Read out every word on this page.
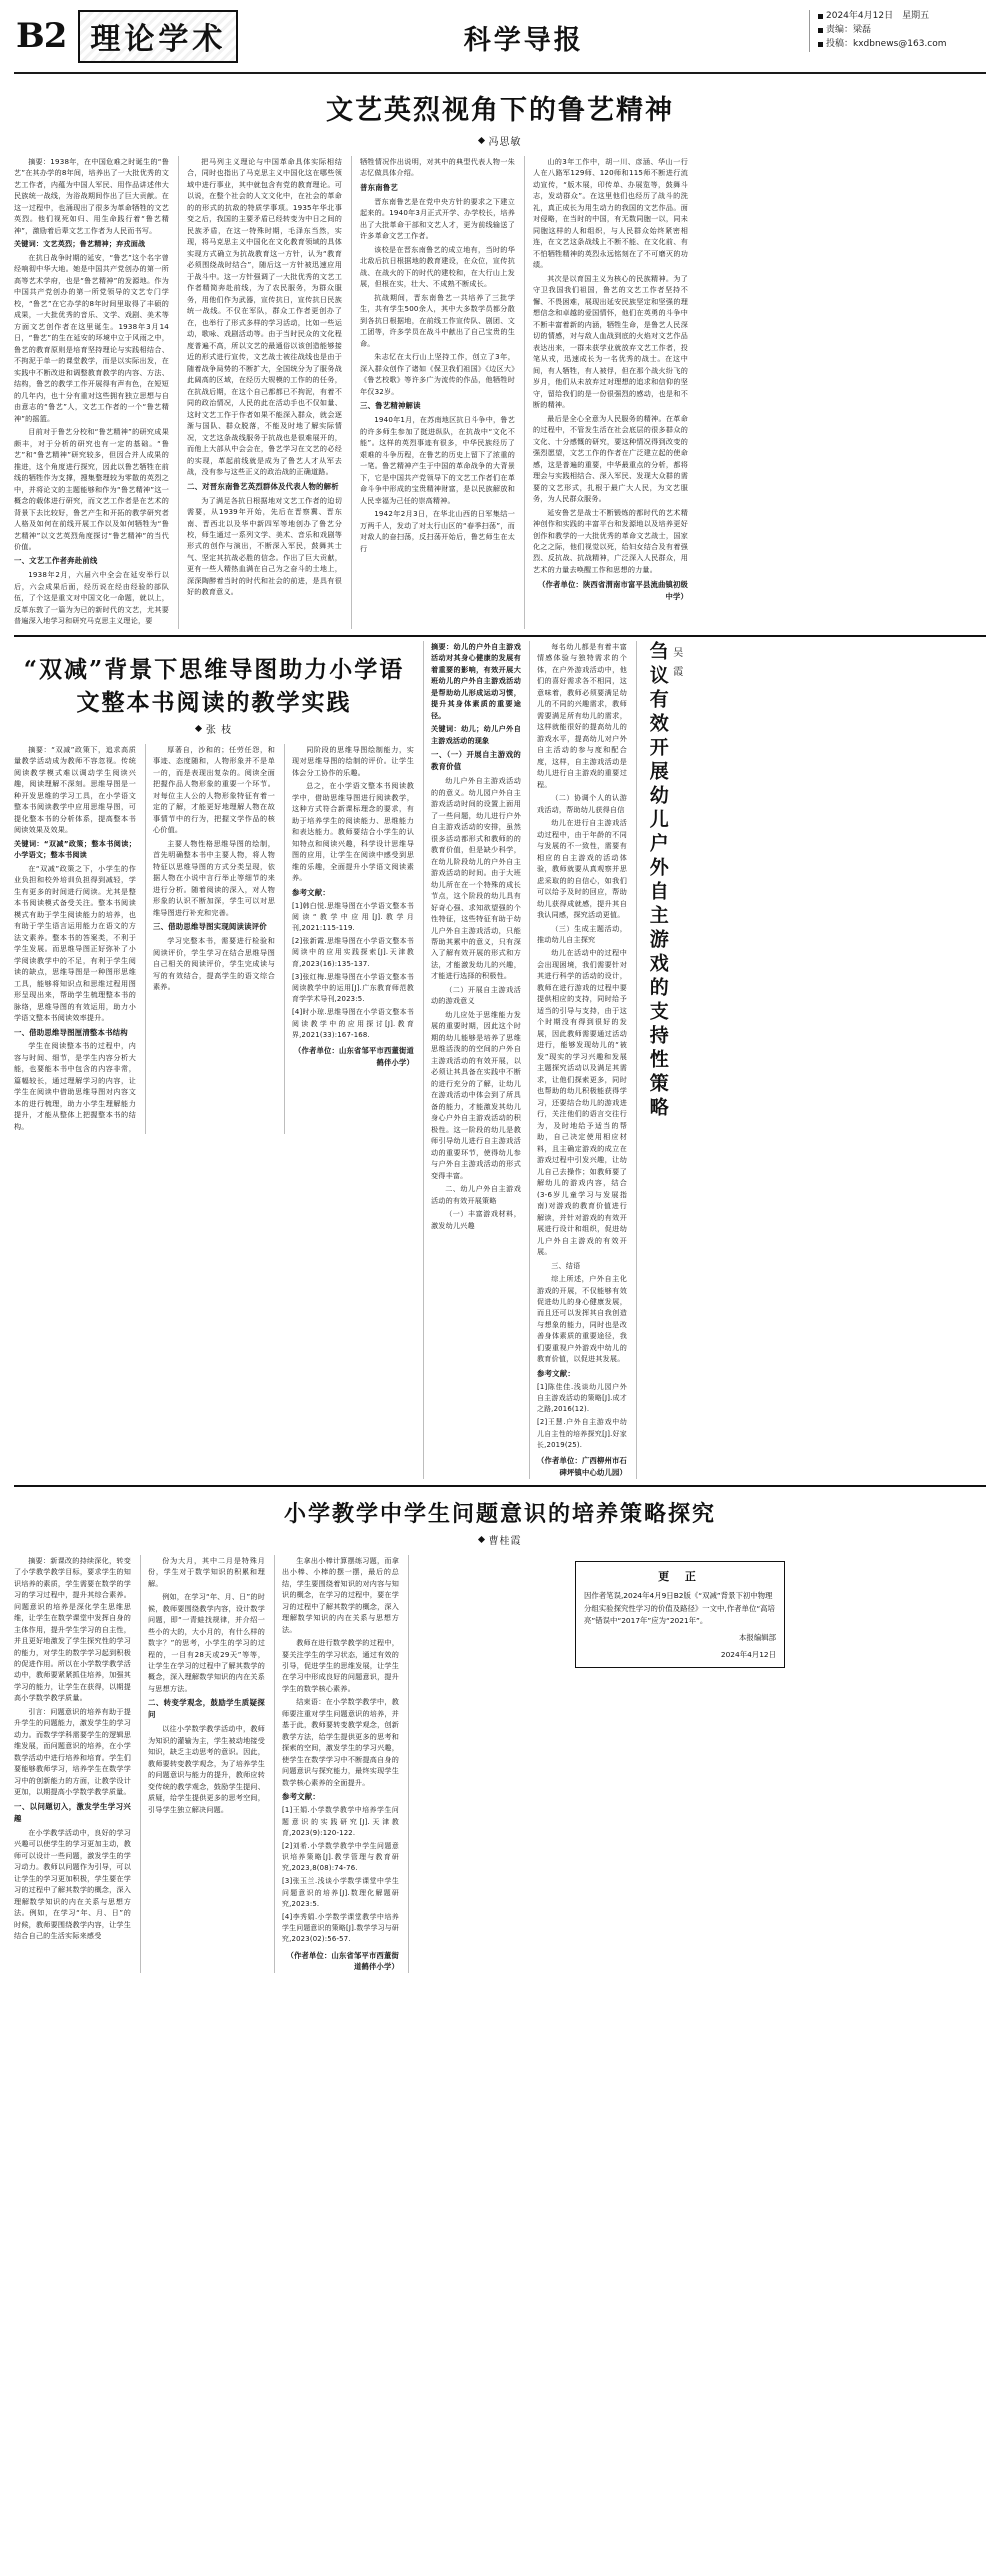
B2 理论学术	科学导报
2024年4月12日　星期五
责编：梁磊
投稿：kxdbnews@163.com
文艺英烈视角下的鲁艺精神
冯思敏

摘要：1938年，在中国危难之时诞生的“鲁艺”在其办学的8年间，培养出了一大批优秀的文艺工作者，内蕴为中国人军民、用作品讲述伟大民族统一战线，为浴战期间作出了巨大贡献。在这一过程中，也涌现出了很多为革命牺牲的文艺英烈。他们视死如归、用生命践行着“鲁艺精神”，激励着后辈文艺工作者为人民而书写。

关键词：文艺英烈；鲁艺精神；弃戎面战

在抗日战争时期的延安，“鲁艺”这个名字曾经响彻中华大地。她是中国共产党创办的第一所高等艺术学府，也是“鲁艺精神”的发源地。作为中国共产党创办的第一所党领导的文艺专门学校，“鲁艺”在它办学的8年时间里取得了丰硕的成果，一大批优秀的音乐、文学、戏剧、美术等方面文艺创作者在这里诞生。1938年3月14日，“鲁艺”的生在延安的环境中立于风雨之中，鲁艺的教育原则是培育坚持理论与实践相结合、不拘泥于单一的课堂教学，而是以实际出发，在实践中不断改进和调整教育教学的内容、方法、结构，鲁艺的教学工作开展得有声有色，在短短的几年内，也十分有重对这些拥有独立思想与自由意志的“鲁艺”人，文艺工作者的一个“鲁艺精神”的摇篮。

目前对于鲁艺分校和“鲁艺精神”的研究成果颇丰，对于分析的研究也有一定的基础。“鲁艺”和“鲁艺精神”研究较多，但因合并人成果的推进，这个角度进行探究，因此以鲁艺牺牲在前线的牺牲作为支撑，搜集整理较为零散的英烈之中，并将论文的主题能够和作为“鲁艺精神”这一概念的载体进行研究，而文艺工作者是在艺术的背景下去比较好，鲁艺产生和开拓的教学研究者人格及如何在前线开展工作以及如何牺牲为“鲁艺精神”以文艺英烈角度探讨“鲁艺精神”的当代价值。

一、文艺工作者奔赴前线

1938年2月，六届六中全会在延安举行以后，六会成果后面，经历说在经由经验的部队伍，了个这是重文对中国文化一命题，就以上，反革东敦了一篇为为已的新时代的文艺，尤其要普遍深入地学习和研究马克思主义理论，要

把马列主义理论与中国革命具体实际相结合，同时也指出了马克思主义中国化这在哪些领域中进行事业，其中就包含有党的教育理论。可以说，在整个社会的人文文化中，在社会的革命的的形式的抗敌的特质学事项。1935年华北事变之后，我国的主要矛盾已经转变为中日之间的民族矛盾，在这一特殊时期，毛泽东当然，实现，将马克思主义中国化在文化教育领域的具体实现方式确立为抗战教育这一方针，认为“教育必须围绕战时结合”，随后这一方针被迅速应用于战斗中。这一方针强调了一大批优秀的文艺工作者精简奔赴前线，为了农民服务，为群众服务，用他们作为武器，宣传抗日，宣传抗日民族统一战线。不仅在军队，群众工作者更创办了在，也举行了形式多样的学习活动，比如一些运动，歌咏、戏剧活动等。由于当时民众的文化程度普遍不高，所以文艺的最通俗以该创造能够接近的形式进行宣传，文艺战士被往战线也是由于随着战争局势的不断扩大，全国统分为了服务战此阔高的区域，在经历大规模的工作的的任务，在抗战后期，在这个自己都都已不拘泥，有着不同的政治情况，人民的此在活动手也不仅如量、这时文艺工作于作者如果不能深入群众，就会逐渐与国队、群众脱落，不能及时地了解实际情况，文艺这条战线服务于抗战也是很难展开的，而他上大部从中会会在，鲁艺学习在文艺的必经的实现，革起前线就是成为了鲁艺人才从军去战，没有参与这些正义的政治战的正确道路。

二、对晋东南鲁艺英烈群体及代表人物的解析

为了满足各抗日根据地对文艺工作者的迫切需要，从1939年开始，先后在晋察冀、晋东南、晋西北以及华中新四军等地创办了鲁艺分校，师生通过一系列文学、美术、音乐和戏剧等形式的创作与演出，不断深入军民，鼓舞其士气、坚定其抗战必胜的信念。作出了巨大贡献，更有一些人精热血满在自己为之奋斗的土地上，深深陶醉着当时的时代和社会的前进，是具有很好的教育意义。

牺牲情况作出说明，对其中的典型代表人物一朱志忆做具体介绍。

普东南鲁艺

晋东南鲁艺是在党中央方针的要求之下建立起来的。1940年3月正式开学、办学校长，培养出了大批革命干部和文艺人才，更为前线输送了许多革命文艺工作者。

该校是在晋东南鲁艺的成立地有，当时的华北敌后抗日根据地的教育建设，在众位，宣传抗战、在战火的下的时代的建校和，在大行山上发展，但根在实，壮大、不成熟不断成长。

抗战期间，晋东南鲁艺一共培养了三批学生，共有学生500余人，其中大多数学员都分散到各抗日根据地，在前线工作宣传队、剧团、文工团等，许多学员在战斗中献出了自己宝贵的生命。

朱志忆在太行山上坚持工作，创立了3年，深入群众创作了诸如《保卫我们祖国》《边区大》《鲁艺校歌》等许多广为流传的作品，他牺牲时年仅32岁。

三、鲁艺精神解读

1940年1月，在苏南地区抗日斗争中，鲁艺的许多师生参加了挺进纵队，在抗战中“文化不能”。这样的英烈事迹有很多，中华民族经历了艰难的斗争历程，在鲁艺的历史上留下了浓重的一笔。鲁艺精神产生于中国的革命战争的大背景下，它是中国共产党领导下的文艺工作者们在革命斗争中形成的宝贵精神财富，是以民族解放和人民幸福为己任的崇高精神。

1942年2月3日，在华北山西的日军集结一万两千人，发动了对太行山区的“春季扫荡”，而对敌人的奋扫荡，反扫荡开始后，鲁艺师生在太行

山的3年工作中，胡一川、彦涵、华山一行人在八路军129师、120师和115师不断进行流动宣传，“版木展，印传单、办展览等，鼓舞斗志，发动群众”。在这里他们也经历了战斗的洗礼，真正成长为用生动力的我国的文艺作品。面对侵略，在当时的中国，有无数同胞一以，同未同胞这样的人和组织，与人民群众始终紧密相连，在文艺这条战线上不断不能、在文化前、有不怕牺牲精神的英烈永远铭刻在了不可磨灭的功绩。

其次是以育国主义为核心的民族精神。为了守卫我国我们祖国，鲁艺的文艺工作者坚持不懈、不畏困难，展现出延安民族坚定和坚强的理想信念和卓越的爱国情怀，他们在英勇的斗争中不断丰富着新的内涵，牺牲生命，是鲁艺人民深切的情感，对与敌人血战到底的火焰对文艺作品表达出来，一群未获学业就放弃文艺工作者，投笔从戎，迅速成长为一名优秀的战士。在这中间，有人牺牲，有人被俘，但在那个战火纷飞的岁月，他们从未放弃过对理想的追求和信仰的坚守，留给我们的是一份很强烈的感动，也是和不断的精神。

最后是全心全意为人民服务的精神。在革命的过程中，不管发生活在社会底层的很多群众的文化、十分感慨的研究，要这种情况得到改变的强烈愿望，文艺工作的作者在广泛建立起的使命感，这是普遍的重要，中华最重点的分析，都将理会与实践相结合、深入军民、发现大众群的需要的文艺形式，扎根于最广大人民，为文艺服务，为人民群众服务。

延安鲁艺是战士不断锻炼的都时代的艺术精神创作和实践的丰富平台和发源地以及培养更好创作和教学的一大批优秀的革命文艺战士，国家化之之际，他们视觉以死，给妇女结合及有着强烈、反抗战、抗战精神，广泛深入人民群众，用艺术的力量去唤醒工作和思想的力量。

（作者单位：陕西省渭南市富平县流曲镇初级中学）
“双减”背景下思维导图助力小学语文整本书阅读的教学实践
张 枝

摘要：“双减”政策下，追求高质量教学活动成为教师不容忽视。传统阅读教学模式难以调动学生阅读兴趣，阅读理解不深刻。思维导图是一种开发思维的学习工具，在小学语文整本书阅读教学中应用思维导图，可提化整本书的分析体系，提高整本书阅读效果及效果。

关键词：“双减”政策；整本书阅读；小学语文；整本书阅读

在“双减”政策之下，小学生的作业负担和校外培训负担得到减轻，学生有更多的时间进行阅读。尤其是整本书阅读模式备受关注。整本书阅读模式有助于学生阅读能力的培养，也有助于学生语言运用能力在语文的方法文素养。整本书的答案类，不利于学生发展。而思维导图正好弥补了小学阅读教学中的不足，有利于学生阅读的缺点，思维导图是一种图形思维工具，能够将知识点和思维过程用图形呈现出来，帮助学生梳理整本书的脉络，思维导图的有效运用，助力小学语文整本书阅读效率提升。

一、借助思维导图厘清整本书结构

学生在阅读整本书的过程中，内容与时间、细节，是学生内容分析大能，也要能本书中包含的内容非常，篇幅较长，通过理解学习的内容，让学生在阅读中借助思维导图对内容文本的进行梳理，助力小学生理解能力提升，才能从整体上把握整本书的结构。

厚著自，沙和的；任劳任怨，和事迹、态度随和，人物形象并不是单一的，而是表现出复杂的。阅读全面把握作品人物形象的重要一个环节。对每位主人公的人物形象特征有着一定的了解，才能更好地理解人物在故事情节中的行为，把握文学作品的核心价值。

主要人物性格思维导图的绘制，首先明确整本书中主要人物，将人物特征以思维导图的方式分类呈现，依据人物在小说中言行举止等细节的来进行分析。随着阅读的深入，对人物形象的认识不断加深，学生可以对思维导图进行补充和完善。

三、借助思维导图实现阅读读评价

学习完整本书，需要进行检验和阅读评价，学生学习在结合思维导图自己相关的阅读评价，学生完成读与写的有效结合，提高学生的语文综合素养。

同阶段的思维导图绘制能力，实现对思维导图的绘制的评价。让学生体会分工协作的乐趣。

总之，在小学语文整本书阅读教学中，借助思维导图进行阅读教学，这种方式符合新课标理念的要求，有助于培养学生的阅读能力、思维能力和表达能力。教师要结合小学生的认知特点和阅读兴趣，科学设计思维导图的应用，让学生在阅读中感受到思维的乐趣，全面提升小学语文阅读素养。

参考文献：

[1]韩白悦.思维导图在小学语文整本书阅读“教学中应用[J].教学月刊,2021:115-119.

[2]张新霞.思维导图在小学语文整本书阅读中的应用实践探索[J].天津教育,2023(16):135-137.

[3]张红梅.思维导图在小学语文整本书阅读教学中的运用[J].广东教育师范教育学学术导刊,2023:5.

[4]时小琼.思维导图在小学语文整本书阅读教学中的应用探讨[J].教育界,2021(33):167-168.

（作者单位：山东省邹平市西董街道鹤伴小学）

摘要：幼儿的户外自主游戏活动对其身心健康的发展有着重要的影响，有效开展大班幼儿的户外自主游戏活动是帮助幼儿形成运动习惯，提升其身体素质的重要途径。

关键词：幼儿；幼儿户外自主游戏活动的现象

一、（一）开展自主游戏的教育价值

幼儿户外自主游戏活动的的意义。幼儿园户外自主游戏活动时间的设置上面用了一些问题，幼儿进行户外自主游戏活动的安排，虽然很多活动都形式和教师的的教育价值，但是缺少科学，在幼儿阶段幼儿的户外自主游戏活动的时间。由于大班幼儿所在在一个特殊的成长节点，这个阶段的幼儿具有好奇心强、求知欲望强的个性特征，这些特征有助于幼儿户外自主游戏活动，只能帮助其累中的意义，只有深入了解有效开展的形式和方法，才能激发幼儿的兴趣，才能进行选择的积极性。

（二）开展自主游戏活动的游戏意义

幼儿应处于思维能力发展的重要时期，因此这个时期的幼儿能够是培养了思维思维活泼的的空间的户外自主游戏活动的有效开展，以必须让其具备在实践中不断的进行充分的了解，让幼儿在游戏活动中体会到了所具备的能力，才能激发其幼儿身心户外自主游戏活动的积极性。这一阶段的幼儿是教师引导幼儿进行自主游戏活动的重要环节，使得幼儿参与户外自主游戏活动的形式变得丰富。

二、幼儿户外自主游戏活动的有效开展策略

（一）丰富游戏材料，激发幼儿兴趣

每名幼儿都是有着丰富情感体验与独特需求的个体，在户外游戏活动中，他们的喜好需求各不相同，这意味着，教师必须要满足幼儿的不同的兴趣需求，教师需要满足所有幼儿的需求，这样就能很好的提高幼儿的游戏水平，提高幼儿对户外自主活动的参与度和配合度，这样，自主游戏活动是幼儿进行自主游戏的重要过程。

（二）协调个人的认游戏活动，帮助幼儿获得自信

幼儿在进行自主游戏活动过程中，由于年龄的不同与发展的不一致性，需要有相应的自主游戏的活动体验，教师就要从真观察并思虑采取的的自信心，如我们可以给予及时的回应，帮助幼儿获得成就感，提升其自我认同感，探究活动更值。

（三）生成主题活动，推动幼儿自主探究

幼儿在活动中的过程中会出现困境，我们需要针对其进行科学的活动的设计，教师在进行游戏的过程中要提供相应的支持，同时给予适当的引导与支持，由于这个时期没有得到很好的发展，因此教师需要通过活动进行，能够发现幼儿的“被发”现实的学习兴趣和发展主题探究活动以及满足其需求，让他们探索更多，同时也帮助的幼儿积极能获得学习，还要结合幼儿的游戏进行，关注他们的语言交往行为，及时地给予适当的帮助，自己决定使用相应材料，且主确定游戏的成立在游戏过程中引发兴趣，让幼儿自己去操作；如教师要了解幼儿的游戏内容，结合(3-6岁儿童学习与发展指南)对游戏的教育价值进行解读，并针对游戏的有效开展进行设计和组织，促进幼儿户外自主游戏的有效开展。

三、结语

综上所述，户外自主化游戏的开展，不仅能够有效促进幼儿的身心健康发展，而且还可以发挥其自我创造与想象的能力，同时也是改善身体素质的重要途径，我们要重视户外游戏中幼儿的教育价值，以促进其发展。

参考文献：

[1]陈佳佳.浅谈幼儿园户外自主游戏活动的策略[J].成才之路,2016(12).

[2]王慧.户外自主游戏中幼儿自主性的培养探究[J].好家长,2019(25).

（作者单位：广西柳州市石碑坪镇中心幼儿园）
刍议有效开展幼儿户外自主游戏的支持性策略 吴 霞
小学教学中学生问题意识的培养策略探究
曹桂霞

摘要：新课改的持续深化，转变了小学教学教学目标，要求学生的知识培养的素质，学生需要在数学的学习的学习过程中，提升其综合素养。问题意识的培养是深化学生思维思维，让学生在数学课堂中发挥自身的主体作用，提升学生学习的自主性，并且更好地激发了学生探究性的学习的能力，对学生的数学学习起到积极的促进作用。所以在小学数学教学活动中，教师要紧紧抓住培养，加强其学习的能力，让学生在获得，以期提高小学数学教学质量。

引言：问题意识的培养有助于提升学生的问题能力，激发学生的学习动力。而数学学科需要学生的逻辑思维发展，而问题意识的培养，在小学数学活动中进行培养和培育。学生们要能够教师学习，培养学生在数学学习中的创新能力的方面，让教学设计更加，以期提高小学数学教学质量。

一、以问题切入，激发学生学习兴趣

在小学教学活动中，良好的学习兴趣可以使学生的学习更加主动，教师可以设计一些问题，激发学生的学习动力。教师以问题作为引导，可以让学生的学习更加积极，学生要在学习的过程中了解其数学的概念，深入理解数学知识的内在关系与思想方法。例如，在学习“年、月、日”的时候，教师要围绕教学内容，让学生结合自己的生活实际来感受

份为大月，其中二月是特殊月份，学生对于数学知识的积累和理解。

例如，在学习“年、月、日”的时候，教师要围绕教学内容，设计数学问题，即“一青蛙找规律，并介绍一些小的大的，大小月的，有什么样的数字？”的思考，小学生的学习的过程的，一目有28天或29天”等等，让学生在学习的过程中了解其数学的概念，深入理解数学知识的内在关系与思想方法。

二、转变学观念，鼓励学生质疑探问

以往小学数学教学活动中，教师为知识的灌输为主，学生被动地接受知识，缺乏主动思考的意识。因此，教师要转变教学观念，为了培养学生的问题意识与能力的提升，教师应转变传统的教学观念，鼓励学生提问、质疑，给学生提供更多的思考空间，引导学生独立解决问题。

生拿出小棒计算摆练习题，而拿出小棒、小棒的摆一摆，最后的总结，学生要围绕着知识的对内容与知识的概念，在学习的过程中，要在学习的过程中了解其数学的概念，深入理解数学知识的内在关系与思想方法。

教师在进行数学教学的过程中，要关注学生的学习状态，通过有效的引导，促进学生的思维发展，让学生在学习中形成良好的问题意识，提升学生的数学核心素养。

结束语：在小学数学教学中，教师要注重对学生问题意识的培养，并基于此，教师要转变教学观念，创新教学方法，给学生提供更多的思考和探索的空间，激发学生的学习兴趣，使学生在数学学习中不断提高自身的问题意识与探究能力，最终实现学生数学核心素养的全面提升。

参考文献：

[1]王娟.小学数学教学中培养学生问题意识的实践研究[J].天津教育,2023(9):120-122.

[2]刘希.小学数学教学中学生问题意识培养策略[J].教学管理与教育研究,2023,8(08):74-76.

[3]张玉兰.浅谈小学数学课堂中学生问题意识的培养[J].数理化解题研究,2023:5.

[4]李秀娟.小学数学课堂教学中培养学生问题意识的策略[J].数学学习与研究,2023(02):56-57.

（作者单位：山东省邹平市西董街道鹤伴小学）
更 正
因作者笔误,2024年4月9日B2版《“双减”背景下初中物理分组实验探究性学习的价值及路径》一文中,作者单位“高培亮”错误中“2017年”应为“2021年”。
本报编辑部
2024年4月12日
